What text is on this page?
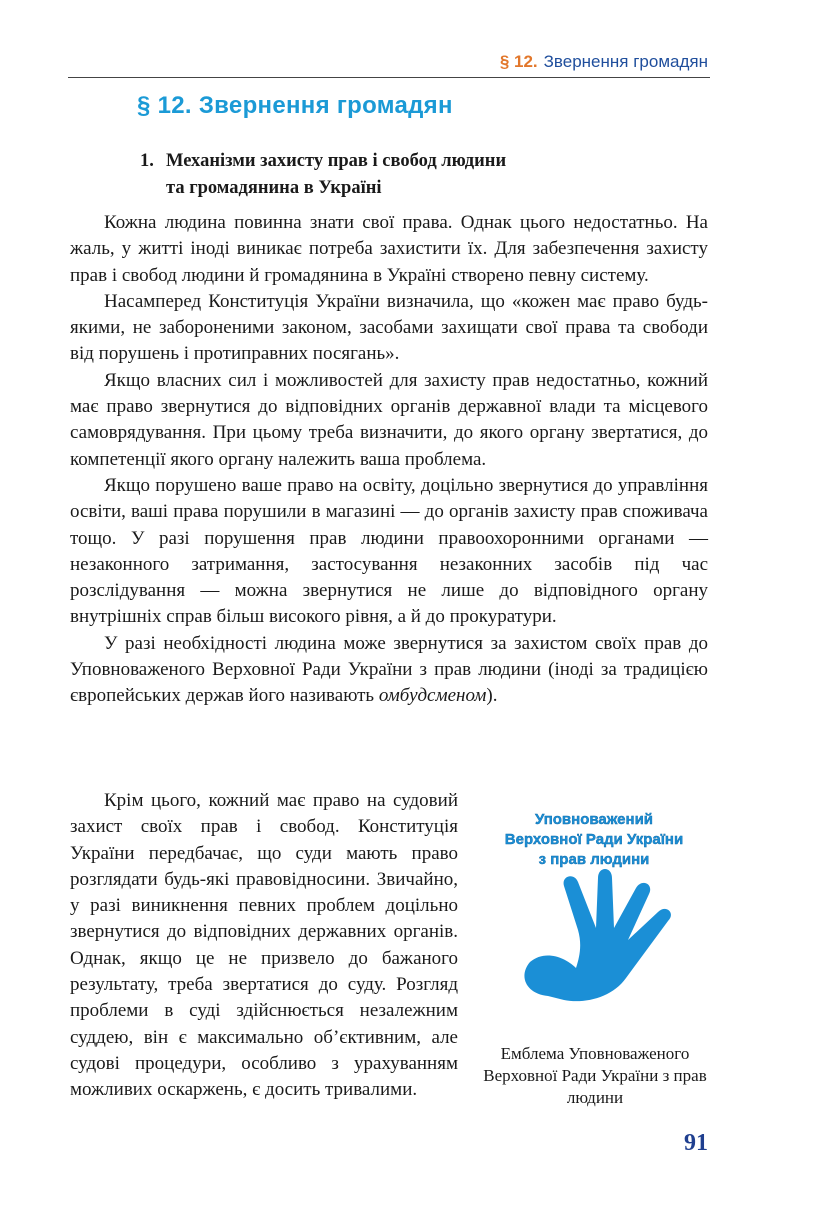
§ 12. Звернення громадян
§ 12. Звернення громадян
1. Механізми захисту прав і свобод людини
та громадянина в Україні

Кожна людина повинна знати свої права. Однак цього недостатньо. На жаль, у житті іноді виникає потреба захистити їх. Для забезпечення захисту прав і свобод людини й громадянина в Україні створено певну систему.

Насамперед Конституція України визначила, що «кожен має право будь-якими, не забороненими законом, засобами захищати свої права та свободи від порушень і протиправних посягань».

Якщо власних сил і можливостей для захисту прав недостатньо, кожний має право звернутися до відповідних органів державної влади та місцевого самоврядування. При цьому треба визначити, до якого органу звертатися, до компетенції якого органу належить ваша проблема.

Якщо порушено ваше право на освіту, доцільно звернутися до управління освіти, ваші права порушили в магазині — до органів захисту прав споживача тощо. У разі порушення прав людини правоохоронними органами — незаконного затримання, застосування незаконних засобів під час розслідування — можна звернутися не лише до відповідного органу внутрішніх справ більш високого рівня, а й до прокуратури.

У разі необхідності людина може звернутися за захистом своїх прав до Уповноваженого Верховної Ради України з прав людини (іноді за традицією європейських держав його називають омбудсменом).

Крім цього, кожний має право на судовий захист своїх прав і свобод. Конституція України передбачає, що суди мають право розглядати будь-які правовідносини. Звичайно, у разі виникнення певних проблем доцільно звернутися до відповідних державних органів. Однак, якщо це не призвело до бажаного результату, треба звертатися до суду. Розгляд проблеми в суді здійснюється незалежним суддею, він є максимально об’єктивним, але судові процедури, особливо з урахуванням можливих оскаржень, є досить тривалими.

Уповноважений
Верховної Ради України
з прав людини
Емблема Уповноваженого Верховної Ради України з прав людини
91
